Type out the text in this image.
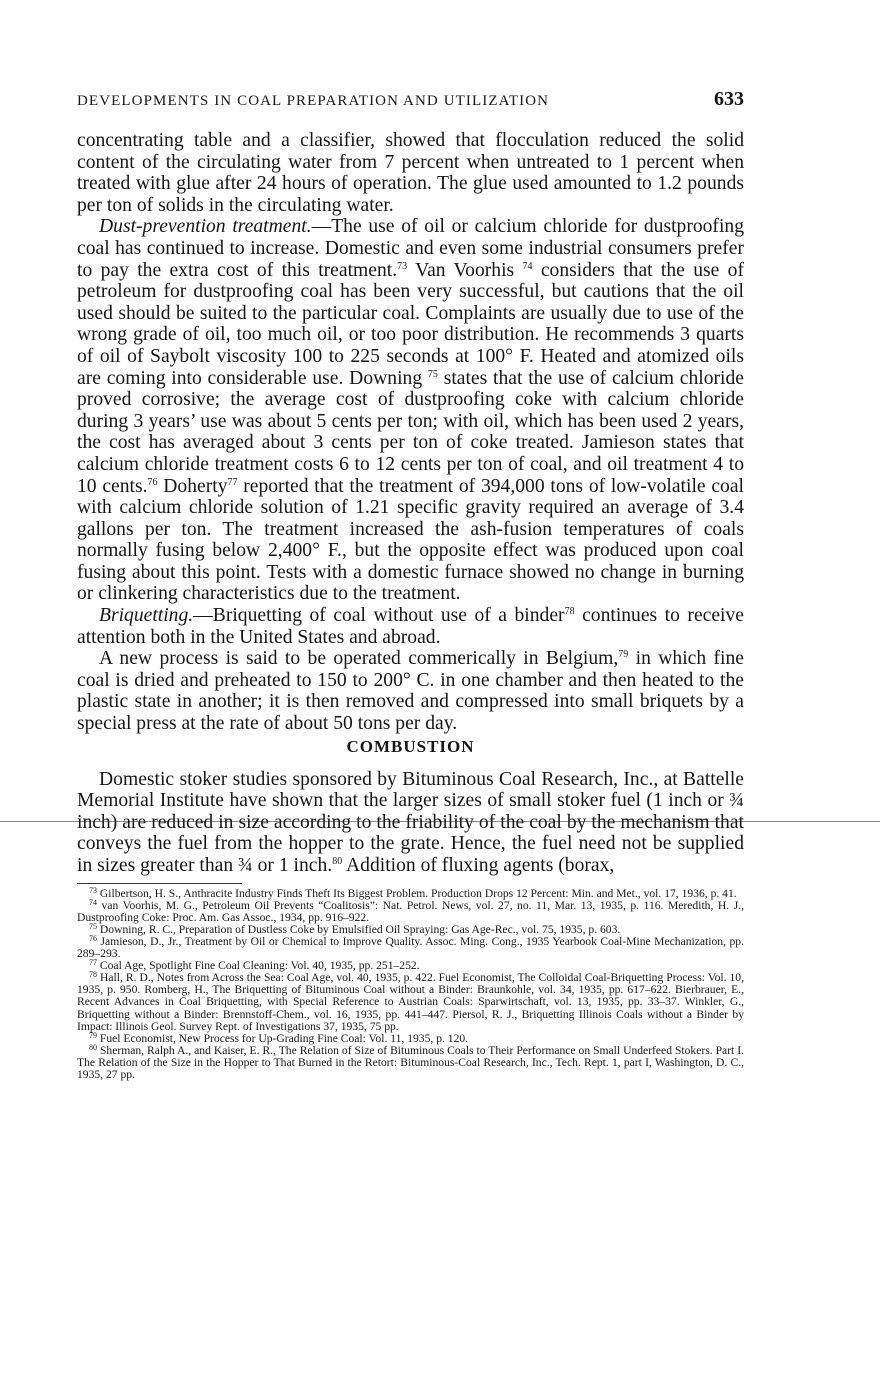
DEVELOPMENTS IN COAL PREPARATION AND UTILIZATION	633

concentrating table and a classifier, showed that flocculation reduced the solid content of the circulating water from 7 percent when untreated to 1 percent when treated with glue after 24 hours of operation. The glue used amounted to 1.2 pounds per ton of solids in the circulating water.

Dust-prevention treatment.—The use of oil or calcium chloride for dustproofing coal has continued to increase. Domestic and even some industrial consumers prefer to pay the extra cost of this treatment.$^{73}$ Van Voorhis $^{74}$ considers that the use of petroleum for dustproofing coal has been very successful, but cautions that the oil used should be suited to the particular coal. Complaints are usually due to use of the wrong grade of oil, too much oil, or too poor distribution. He recommends 3 quarts of oil of Saybolt viscosity 100 to 225 seconds at 100° F. Heated and atomized oils are coming into considerable use. Downing $^{75}$ states that the use of calcium chloride proved corrosive; the average cost of dustproofing coke with calcium chloride during 3 years’ use was about 5 cents per ton; with oil, which has been used 2 years, the cost has averaged about 3 cents per ton of coke treated. Jamieson states that calcium chloride treatment costs 6 to 12 cents per ton of coal, and oil treatment 4 to 10 cents.$^{76}$ Doherty$^{77}$ reported that the treatment of 394,000 tons of low-volatile coal with calcium chloride solution of 1.21 specific gravity required an average of 3.4 gallons per ton. The treatment increased the ash-fusion temperatures of coals normally fusing below 2,400° F., but the opposite effect was produced upon coal fusing about this point. Tests with a domestic furnace showed no change in burning or clinkering characteristics due to the treatment.

Briquetting.—Briquetting of coal without use of a binder$^{78}$ continues to receive attention both in the United States and abroad.

A new process is said to be operated commerically in Belgium,$^{79}$ in which fine coal is dried and preheated to 150 to 200° C. in one chamber and then heated to the plastic state in another; it is then removed and compressed into small briquets by a special press at the rate of about 50 tons per day.

COMBUSTION

Domestic stoker studies sponsored by Bituminous Coal Research, Inc., at Battelle Memorial Institute have shown that the larger sizes of small stoker fuel (1 inch or ¾ inch) are reduced in size according to the friability of the coal by the mechanism that conveys the fuel from the hopper to the grate. Hence, the fuel need not be supplied in sizes greater than ¾ or 1 inch.$^{80}$ Addition of fluxing agents (borax,

$^{73}$ Gilbertson, H. S., Anthracite Industry Finds Theft Its Biggest Problem. Production Drops 12 Percent: Min. and Met., vol. 17, 1936, p. 41.

$^{74}$ van Voorhis, M. G., Petroleum Oil Prevents “Coalitosis”: Nat. Petrol. News, vol. 27, no. 11, Mar. 13, 1935, p. 116. Meredith, H. J., Dustproofing Coke: Proc. Am. Gas Assoc., 1934, pp. 916–922.

$^{75}$ Downing, R. C., Preparation of Dustless Coke by Emulsified Oil Spraying: Gas Age-Rec., vol. 75, 1935, p. 603.

$^{76}$ Jamieson, D., Jr., Treatment by Oil or Chemical to Improve Quality. Assoc. Ming. Cong., 1935 Yearbook Coal-Mine Mechanization, pp. 289–293.

$^{77}$ Coal Age, Spotlight Fine Coal Cleaning: Vol. 40, 1935, pp. 251–252.

$^{78}$ Hall, R. D., Notes from Across the Sea: Coal Age, vol. 40, 1935, p. 422. Fuel Economist, The Colloidal Coal-Briquetting Process: Vol. 10, 1935, p. 950. Romberg, H., The Briquetting of Bituminous Coal without a Binder: Braunkohle, vol. 34, 1935, pp. 617–622. Bierbrauer, E., Recent Advances in Coal Briquetting, with Special Reference to Austrian Coals: Sparwirtschaft, vol. 13, 1935, pp. 33–37. Winkler, G., Briquetting without a Binder: Brennstoff-Chem., vol. 16, 1935, pp. 441–447. Piersol, R. J., Briquetting Illinois Coals without a Binder by Impact: Illinois Geol. Survey Rept. of Investigations 37, 1935, 75 pp.

$^{79}$ Fuel Economist, New Process for Up-Grading Fine Coal: Vol. 11, 1935, p. 120.

$^{80}$ Sherman, Ralph A., and Kaiser, E. R., The Relation of Size of Bituminous Coals to Their Performance on Small Underfeed Stokers. Part I. The Relation of the Size in the Hopper to That Burned in the Retort: Bituminous-Coal Research, Inc., Tech. Rept. 1, part I, Washington, D. C., 1935, 27 pp.
